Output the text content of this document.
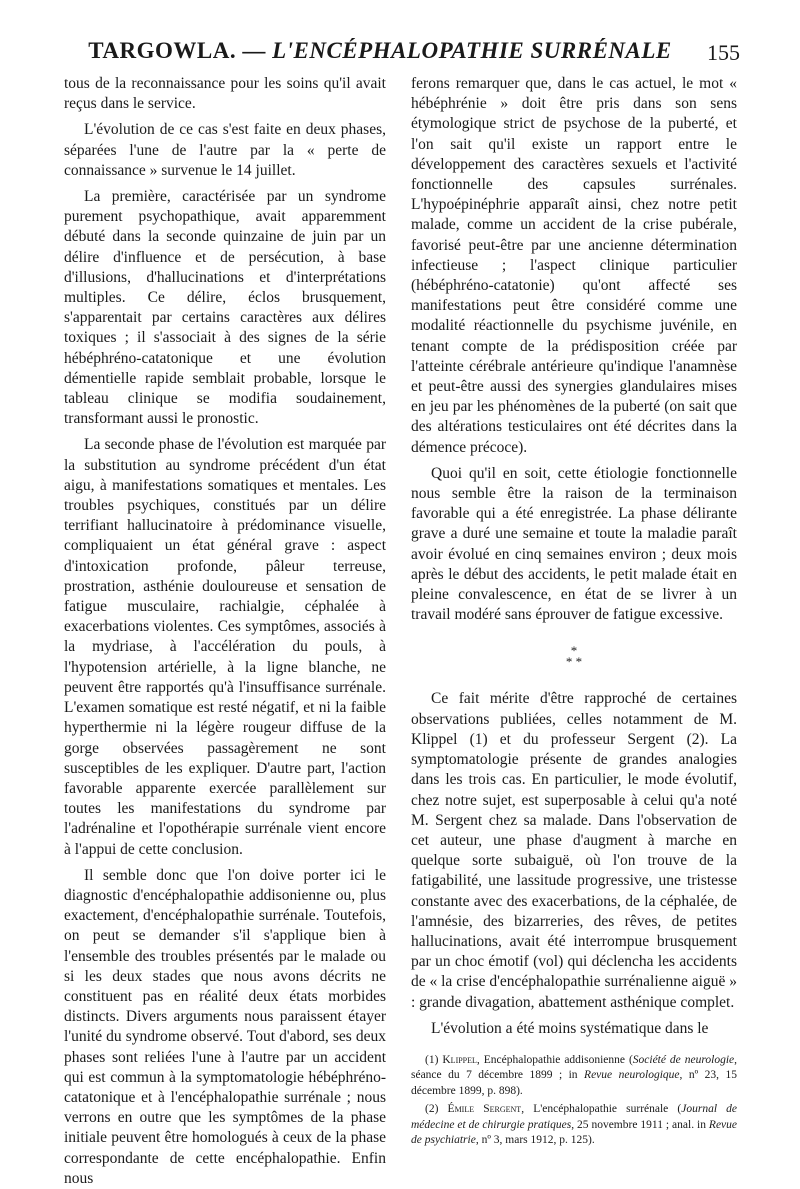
TARGOWLA. — L'ENCÉPHALOPATHIE SURRÉNALE	155

tous de la reconnaissance pour les soins qu'il avait reçus dans le service.

L'évolution de ce cas s'est faite en deux phases, séparées l'une de l'autre par la « perte de connaissance » survenue le 14 juillet.

La première, caractérisée par un syndrome purement psychopathique, avait apparemment débuté dans la seconde quinzaine de juin par un délire d'influence et de persécution, à base d'illusions, d'hallucinations et d'interprétations multiples. Ce délire, éclos brusquement, s'apparentait par certains caractères aux délires toxiques ; il s'associait à des signes de la série hébéphréno-catatonique et une évolution démentielle rapide semblait probable, lorsque le tableau clinique se modifia soudainement, transformant aussi le pronostic.

La seconde phase de l'évolution est marquée par la substitution au syndrome précédent d'un état aigu, à manifestations somatiques et mentales. Les troubles psychiques, constitués par un délire terrifiant hallucinatoire à prédominance visuelle, compliquaient un état général grave : aspect d'intoxication profonde, pâleur terreuse, prostration, asthénie douloureuse et sensation de fatigue musculaire, rachialgie, céphalée à exacerbations violentes. Ces symptômes, associés à la mydriase, à l'accélération du pouls, à l'hypotension artérielle, à la ligne blanche, ne peuvent être rapportés qu'à l'insuffisance surrénale. L'examen somatique est resté négatif, et ni la faible hyperthermie ni la légère rougeur diffuse de la gorge observées passagèrement ne sont susceptibles de les expliquer. D'autre part, l'action favorable apparente exercée parallèlement sur toutes les manifestations du syndrome par l'adrénaline et l'opothérapie surrénale vient encore à l'appui de cette conclusion.

Il semble donc que l'on doive porter ici le diagnostic d'encéphalopathie addisonienne ou, plus exactement, d'encéphalopathie surrénale. Toutefois, on peut se demander s'il s'applique bien à l'ensemble des troubles présentés par le malade ou si les deux stades que nous avons décrits ne constituent pas en réalité deux états morbides distincts. Divers arguments nous paraissent étayer l'unité du syndrome observé. Tout d'abord, ses deux phases sont reliées l'une à l'autre par un accident qui est commun à la symptomatologie hébéphréno-catatonique et à l'encéphalopathie surrénale ; nous verrons en outre que les symptômes de la phase initiale peuvent être homologués à ceux de la phase correspondante de cette encéphalopathie. Enfin nous

ferons remarquer que, dans le cas actuel, le mot « hébéphrénie » doit être pris dans son sens étymologique strict de psychose de la puberté, et l'on sait qu'il existe un rapport entre le développement des caractères sexuels et l'activité fonctionnelle des capsules surrénales. L'hypoépinéphrie apparaît ainsi, chez notre petit malade, comme un accident de la crise pubérale, favorisé peut-être par une ancienne détermination infectieuse ; l'aspect clinique particulier (hébéphréno-catatonie) qu'ont affecté ses manifestations peut être considéré comme une modalité réactionnelle du psychisme juvénile, en tenant compte de la prédisposition créée par l'atteinte cérébrale antérieure qu'indique l'anamnèse et peut-être aussi des synergies glandulaires mises en jeu par les phénomènes de la puberté (on sait que des altérations testiculaires ont été décrites dans la démence précoce).

Quoi qu'il en soit, cette étiologie fonctionnelle nous semble être la raison de la terminaison favorable qui a été enregistrée. La phase délirante grave a duré une semaine et toute la maladie paraît avoir évolué en cinq semaines environ ; deux mois après le début des accidents, le petit malade était en pleine convalescence, en état de se livrer à un travail modéré sans éprouver de fatigue excessive.

*
* *

Ce fait mérite d'être rapproché de certaines observations publiées, celles notamment de M. Klippel (1) et du professeur Sergent (2). La symptomatologie présente de grandes analogies dans les trois cas. En particulier, le mode évolutif, chez notre sujet, est superposable à celui qu'a noté M. Sergent chez sa malade. Dans l'observation de cet auteur, une phase d'augment à marche en quelque sorte subaiguë, où l'on trouve de la fatigabilité, une lassitude progressive, une tristesse constante avec des exacerbations, de la céphalée, de l'amnésie, des bizarreries, des rêves, de petites hallucinations, avait été interrompue brusquement par un choc émotif (vol) qui déclencha les accidents de « la crise d'encéphalopathie surrénalienne aiguë » : grande divagation, abattement asthénique complet.

L'évolution a été moins systématique dans le

(1) Klippel, Encéphalopathie addisonienne (Société de neurologie, séance du 7 décembre 1899 ; in Revue neurologique, nº 23, 15 décembre 1899, p. 898).

(2) Émile Sergent, L'encéphalopathie surrénale (Journal de médecine et de chirurgie pratiques, 25 novembre 1911 ; anal. in Revue de psychiatrie, nº 3, mars 1912, p. 125).
